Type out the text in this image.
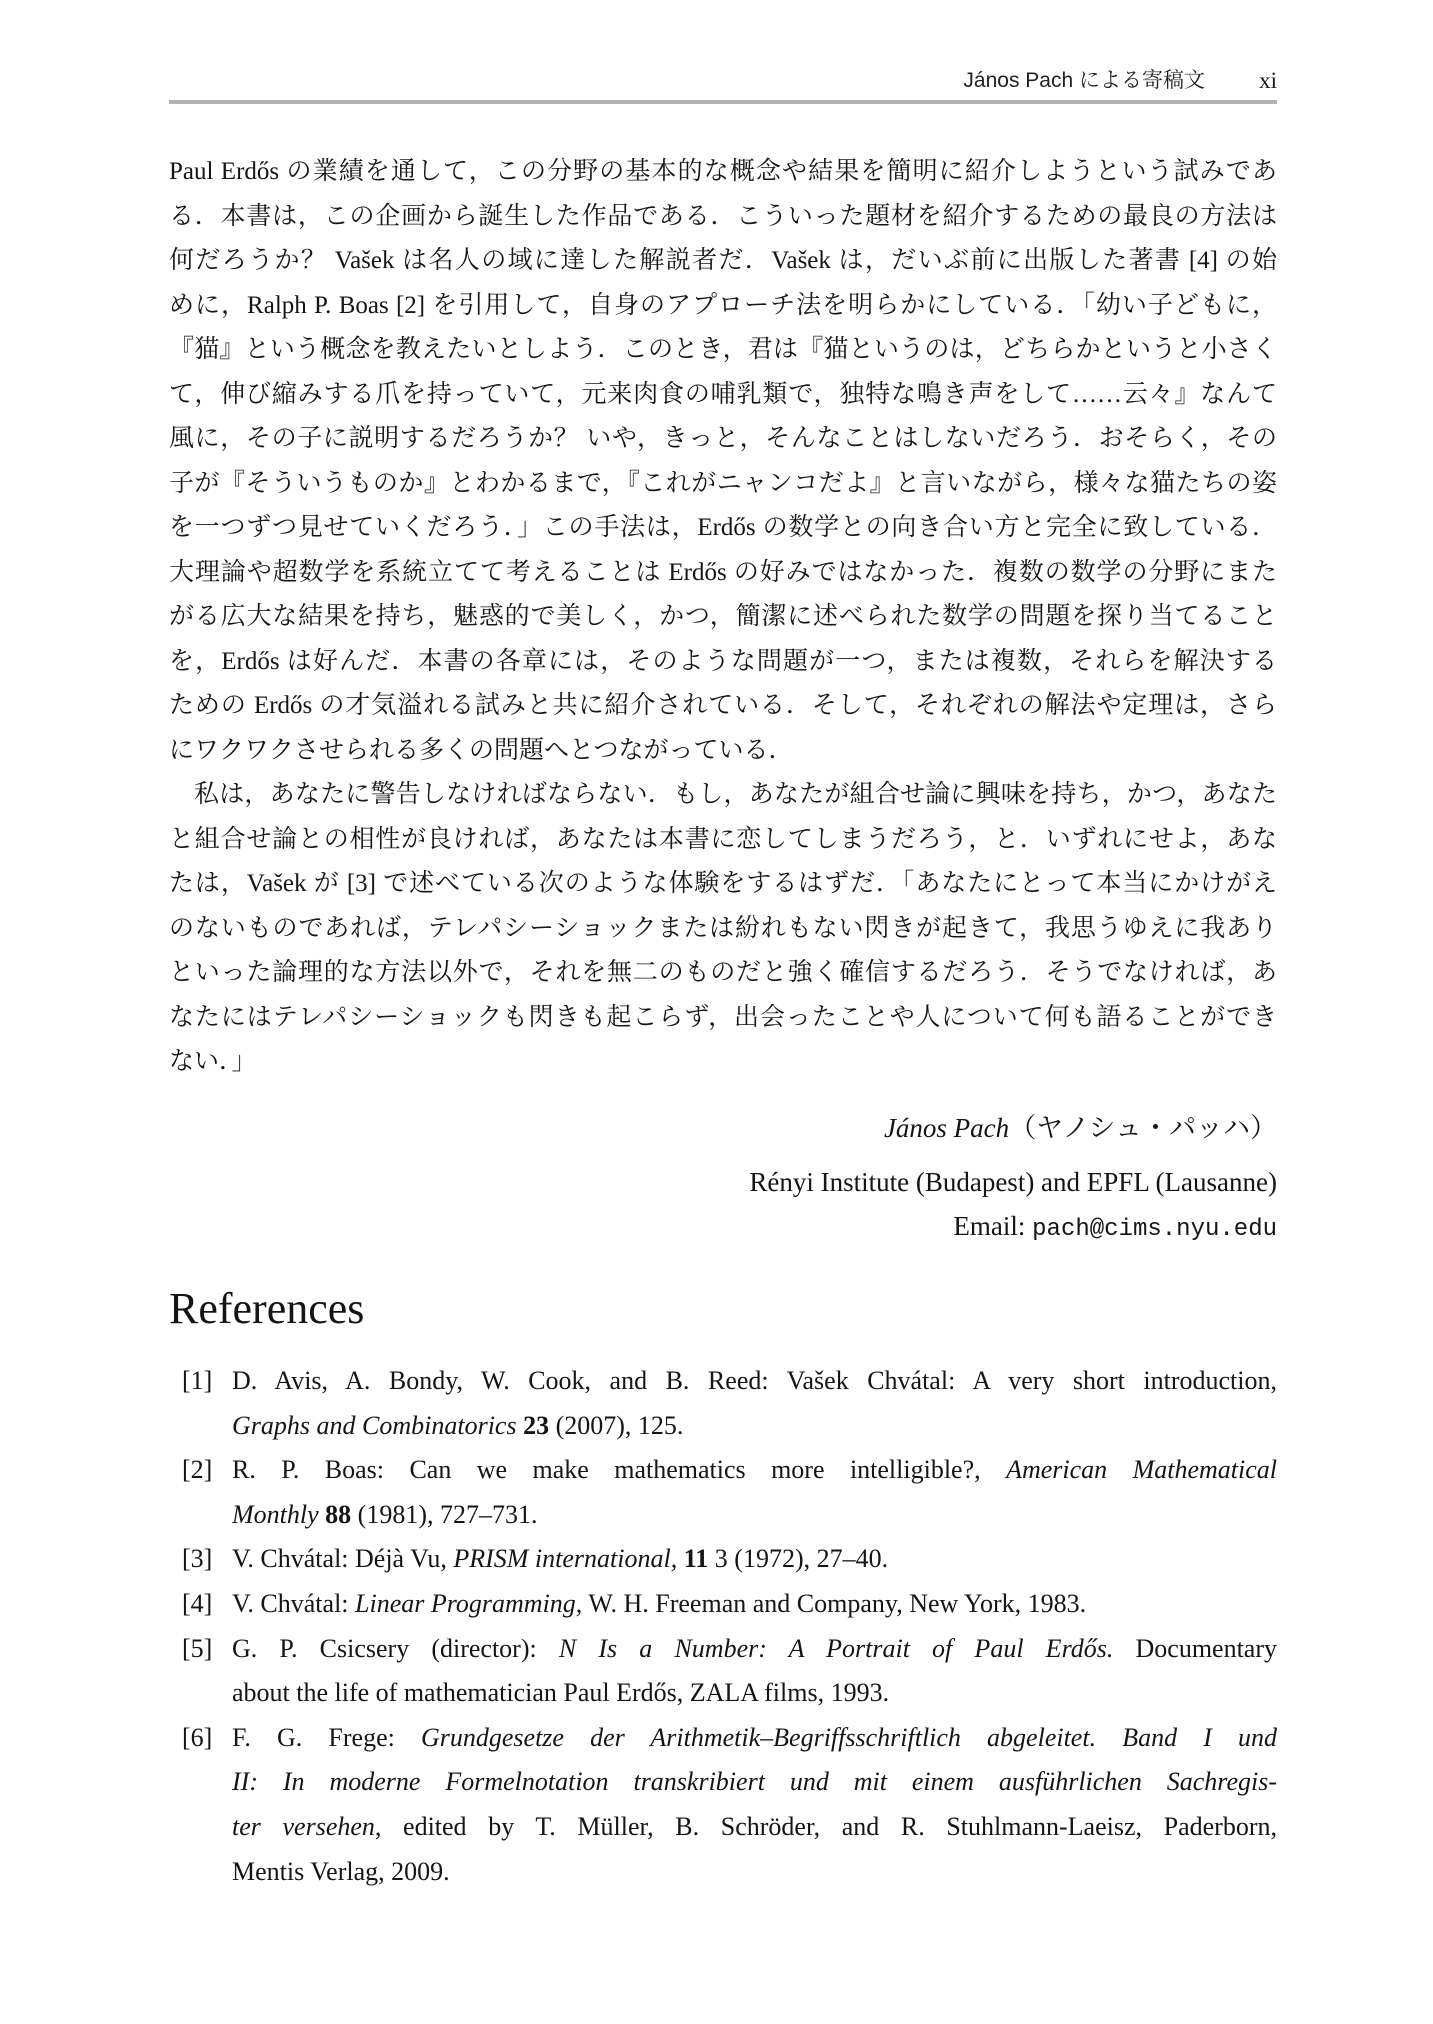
János Pach による寄稿文 xi
Paul Erdős の業績を通して，この分野の基本的な概念や結果を簡明に紹介しようという試みであ
る．本書は，この企画から誕生した作品である．こういった題材を紹介するための最良の方法は
何だろうか？ Vašek は名人の域に達した解説者だ．Vašek は，だいぶ前に出版した著書 [4] の始
めに，Ralph P. Boas [2] を引用して，自身のアプローチ法を明らかにしている．「幼い子どもに，
『猫』という概念を教えたいとしよう．このとき，君は『猫というのは，どちらかというと小さく
て，伸び縮みする爪を持っていて，元来肉食の哺乳類で，独特な鳴き声をして……云々』なんて
風に，その子に説明するだろうか？ いや，きっと，そんなことはしないだろう．おそらく，その
子が『そういうものか』とわかるまで，『これがニャンコだよ』と言いながら，様々な猫たちの姿
を一つずつ見せていくだろう．」この手法は，Erdős の数学との向き合い方と完全に致している．
大理論や超数学を系統立てて考えることは Erdős の好みではなかった．複数の数学の分野にまた
がる広大な結果を持ち，魅惑的で美しく，かつ，簡潔に述べられた数学の問題を探り当てること
を，Erdős は好んだ．本書の各章には，そのような問題が一つ，または複数，それらを解決する
ための Erdős の才気溢れる試みと共に紹介されている．そして，それぞれの解法や定理は，さら
にワクワクさせられる多くの問題へとつながっている．
私は，あなたに警告しなければならない．もし，あなたが組合せ論に興味を持ち，かつ，あなた
と組合せ論との相性が良ければ，あなたは本書に恋してしまうだろう，と．いずれにせよ，あな
たは，Vašek が [3] で述べている次のような体験をするはずだ．「あなたにとって本当にかけがえ
のないものであれば，テレパシーショックまたは紛れもない閃きが起きて，我思うゆえに我あり
といった論理的な方法以外で，それを無二のものだと強く確信するだろう．そうでなければ，あ
なたにはテレパシーショックも閃きも起こらず，出会ったことや人について何も語ることができ
ない．」
János Pach（ヤノシュ・パッハ）
Rényi Institute (Budapest) and EPFL (Lausanne)
Email: pach@cims.nyu.edu
References
[1] D. Avis, A. Bondy, W. Cook, and B. Reed: Vašek Chvátal: A very short introduction,
Graphs and Combinatorics 23 (2007), 125.
[2] R. P. Boas: Can we make mathematics more intelligible?, American Mathematical
Monthly 88 (1981), 727–731.
[3] V. Chvátal: Déjà Vu, PRISM international, 11 3 (1972), 27–40.
[4] V. Chvátal: Linear Programming, W. H. Freeman and Company, New York, 1983.
[5] G. P. Csicsery (director): N Is a Number: A Portrait of Paul Erdős. Documentary
about the life of mathematician Paul Erdős, ZALA films, 1993.
[6] F. G. Frege: Grundgesetze der Arithmetik–Begriffsschriftlich abgeleitet. Band I und
II: In moderne Formelnotation transkribiert und mit einem ausführlichen Sachregis-
ter versehen, edited by T. Müller, B. Schröder, and R. Stuhlmann-Laeisz, Paderborn,
Mentis Verlag, 2009.
